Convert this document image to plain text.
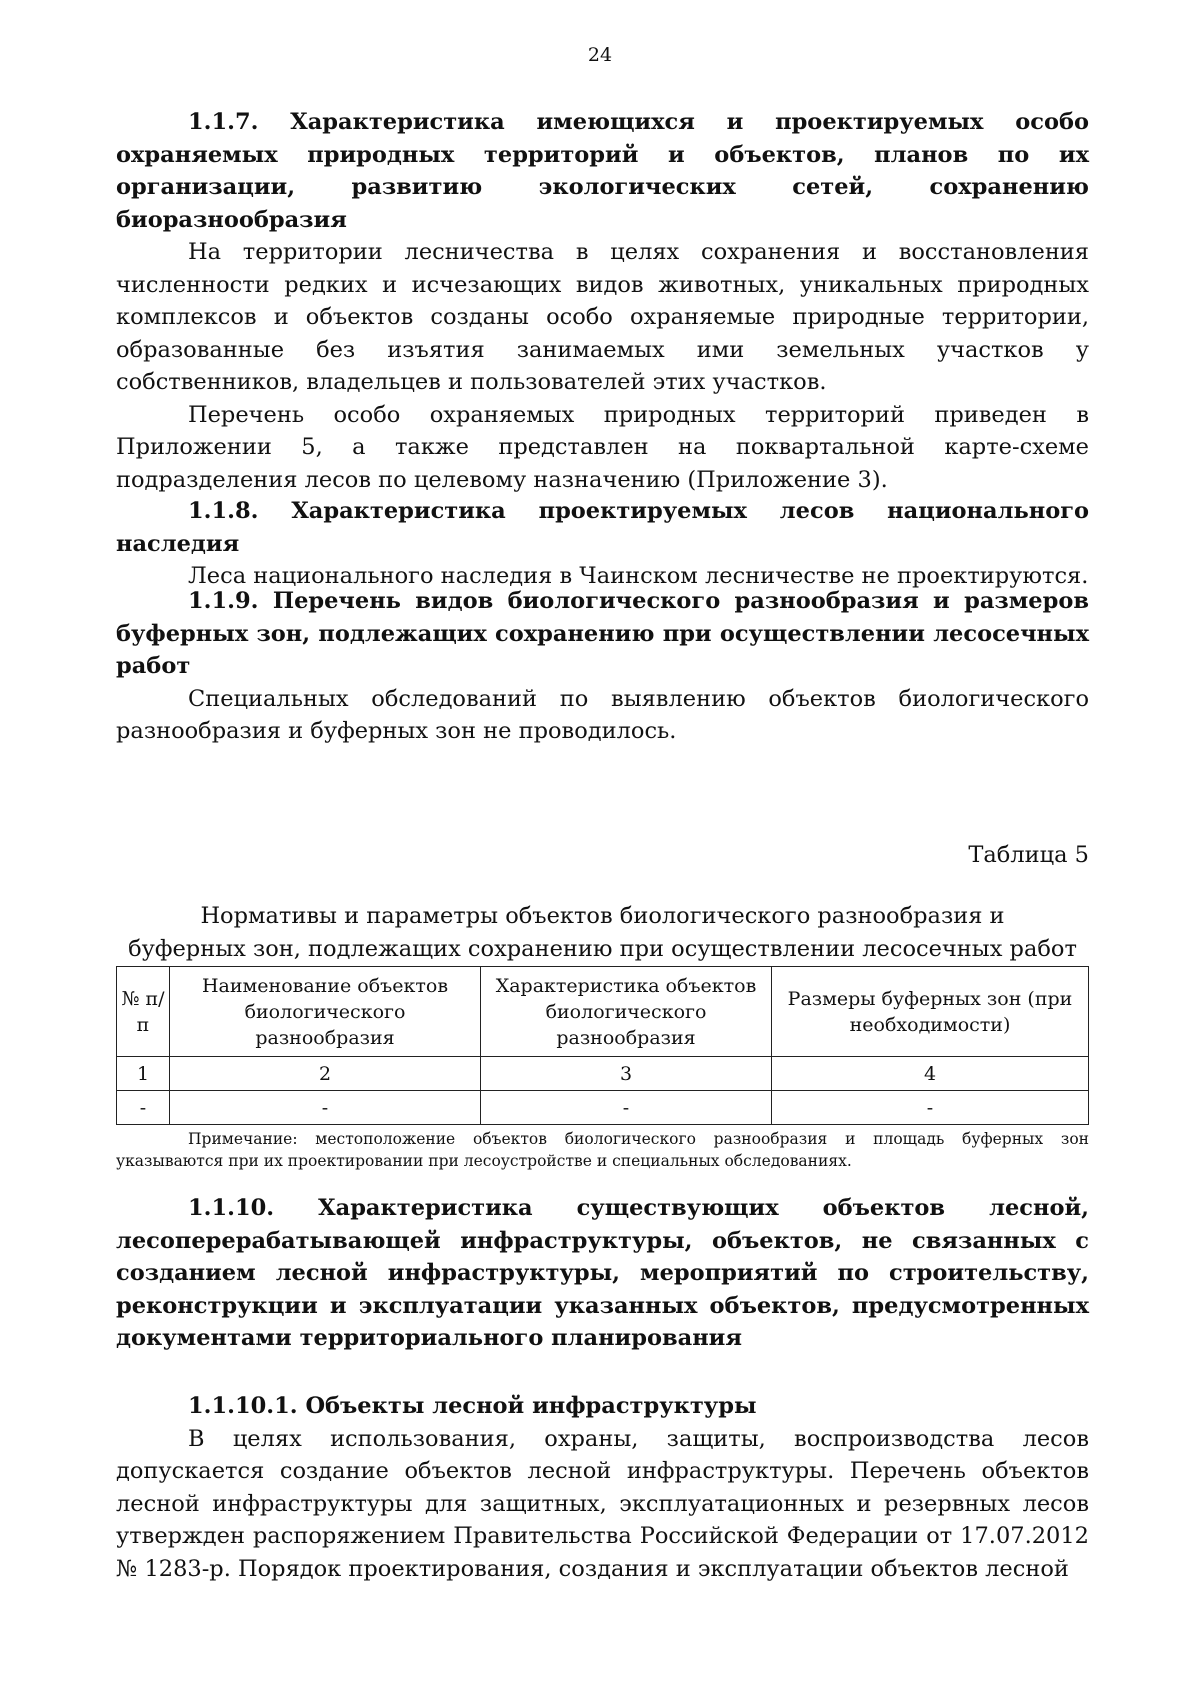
24

1.1.7. Характеристика имеющихся и проектируемых особо охраняемых природных территорий и объектов, планов по их организации, развитию экологических сетей, сохранению биоразнообразия

На территории лесничества в целях сохранения и восстановления численности редких и исчезающих видов животных, уникальных природных комплексов и объектов созданы особо охраняемые природные территории, образованные без изъятия занимаемых ими земельных участков у собственников, владельцев и пользователей этих участков.

Перечень особо охраняемых природных территорий приведен в Приложении 5, а также представлен на поквартальной карте-схеме подразделения лесов по целевому назначению (Приложение 3).

1.1.8. Характеристика проектируемых лесов национального наследия

Леса национального наследия в Чаинском лесничестве не проектируются.

1.1.9. Перечень видов биологического разнообразия и размеров буферных зон, подлежащих сохранению при осуществлении лесосечных работ

Специальных обследований по выявлению объектов биологического разнообразия и буферных зон не проводилось.

Таблица 5
Нормативы и параметры объектов биологического разнообразия и
буферных зон, подлежащих сохранению при осуществлении лесосечных работ
№ п/п	Наименование объектов биологического разнообразия	Характеристика объектов биологического разнообразия	Размеры буферных зон (при необходимости)
1	2	3	4
-	-	-	-
Примечание: местоположение объектов биологического разнообразия и площадь буферных зон указываются при их проектировании при лесоустройстве и специальных обследованиях.

1.1.10. Характеристика существующих объектов лесной, лесоперерабатывающей инфраструктуры, объектов, не связанных с созданием лесной инфраструктуры, мероприятий по строительству, реконструкции и эксплуатации указанных объектов, предусмотренных документами территориального планирования

1.1.10.1. Объекты лесной инфраструктуры

В целях использования, охраны, защиты, воспроизводства лесов допускается создание объектов лесной инфраструктуры. Перечень объектов лесной инфраструктуры для защитных, эксплуатационных и резервных лесов утвержден распоряжением Правительства Российской Федерации от 17.07.2012 № 1283-р. Порядок проектирования, создания и эксплуатации объектов лесной
